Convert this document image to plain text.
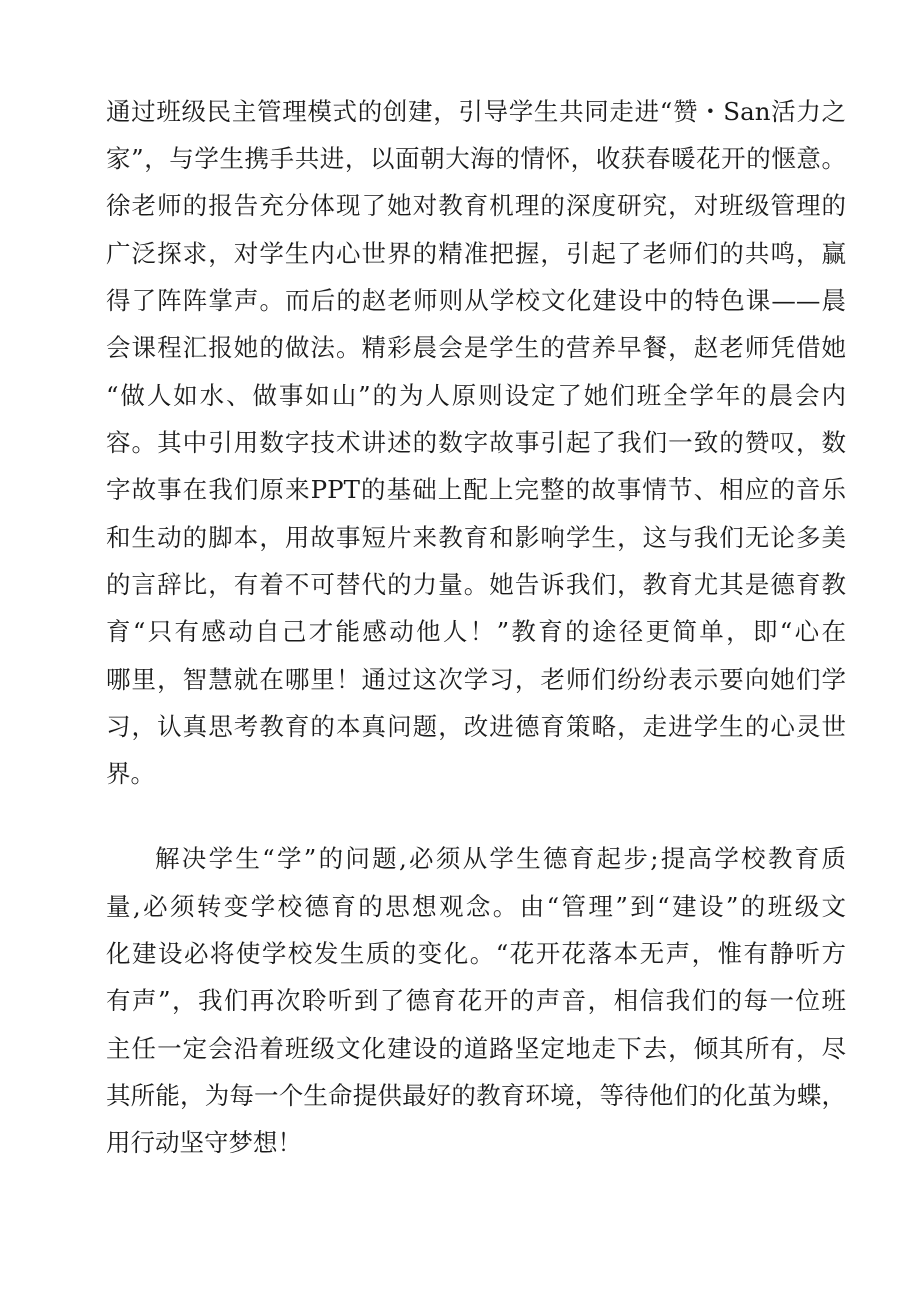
通过班级民主管理模式的创建，引导学生共同走进“赞・San活力之
家”，与学生携手共进，以面朝大海的情怀，收获春暖花开的惬意。
徐老师的报告充分体现了她对教育机理的深度研究，对班级管理的
广泛探求，对学生内心世界的精准把握，引起了老师们的共鸣，赢
得了阵阵掌声。而后的赵老师则从学校文化建设中的特色课——晨
会课程汇报她的做法。精彩晨会是学生的营养早餐，赵老师凭借她
“做人如水、做事如山”的为人原则设定了她们班全学年的晨会内
容。其中引用数字技术讲述的数字故事引起了我们一致的赞叹，数
字故事在我们原来PPT的基础上配上完整的故事情节、相应的音乐
和生动的脚本，用故事短片来教育和影响学生，这与我们无论多美
的言辞比，有着不可替代的力量。她告诉我们，教育尤其是德育教
育“只有感动自己才能感动他人！”教育的途径更简单，即“心在
哪里，智慧就在哪里！通过这次学习，老师们纷纷表示要向她们学
习，认真思考教育的本真问题，改进德育策略，走进学生的心灵世
界。
解决学生“学”的问题,必须从学生德育起步;提高学校教育质
量,必须转变学校德育的思想观念。由“管理”到“建设”的班级文
化建设必将使学校发生质的变化。“花开花落本无声，惟有静听方
有声”，我们再次聆听到了德育花开的声音，相信我们的每一位班
主任一定会沿着班级文化建设的道路坚定地走下去，倾其所有，尽
其所能，为每一个生命提供最好的教育环境，等待他们的化茧为蝶，
用行动坚守梦想！
